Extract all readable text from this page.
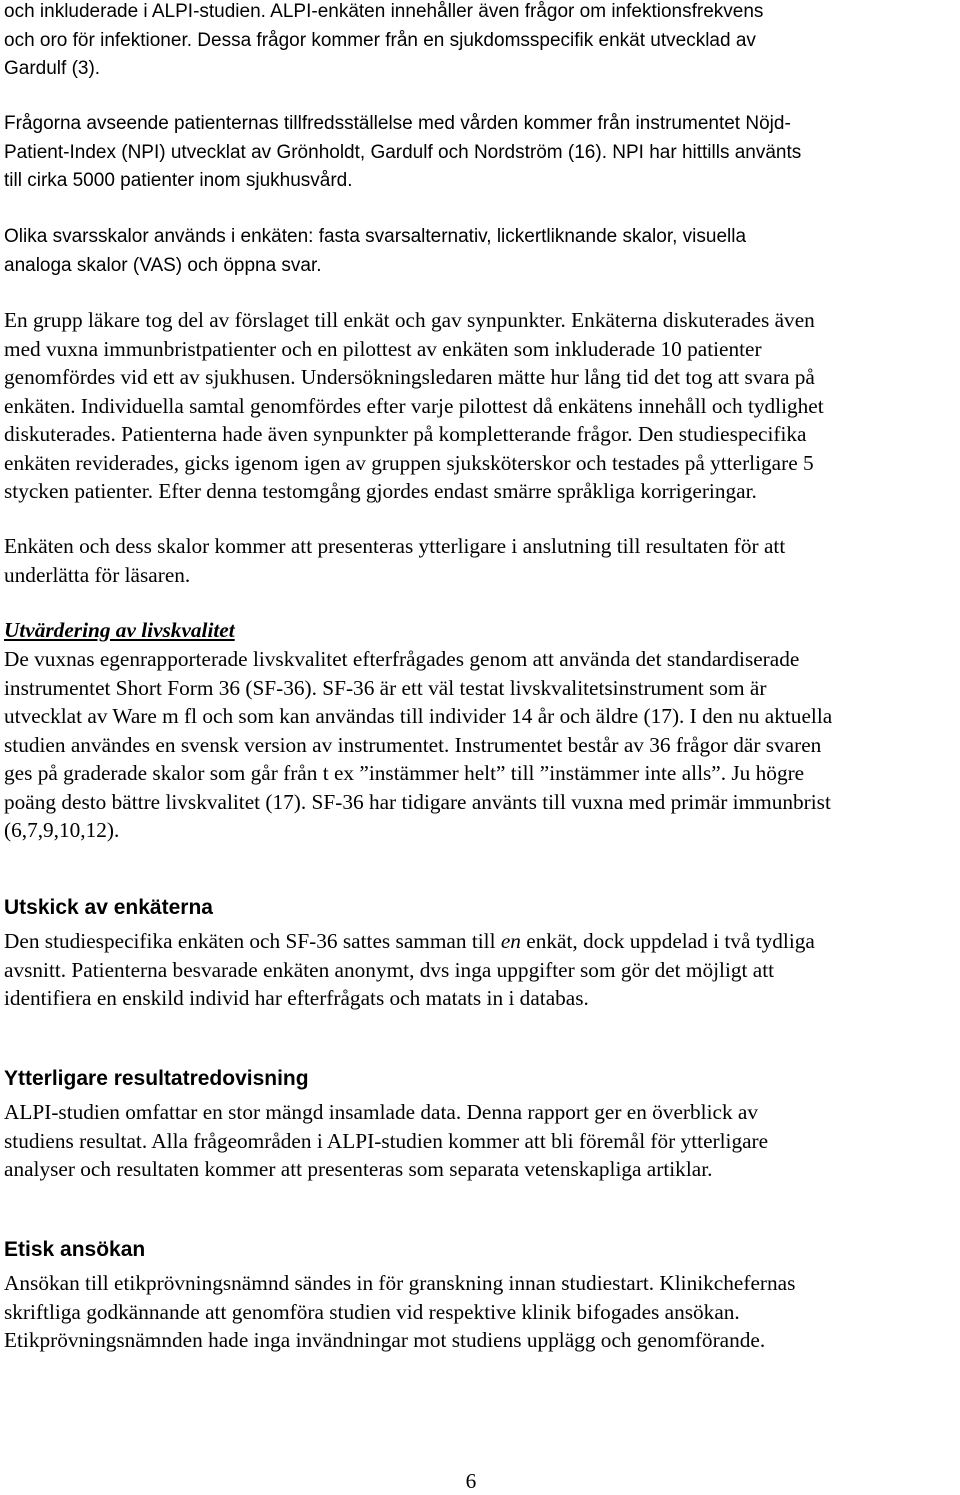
och inkluderade i ALPI-studien. ALPI-enkäten innehåller även frågor om infektionsfrekvens
och oro för infektioner. Dessa frågor kommer från en sjukdomsspecifik enkät utvecklad av
Gardulf (3).
Frågorna avseende patienternas tillfredsställelse med vården kommer från instrumentet Nöjd-
Patient-Index (NPI) utvecklat av Grönholdt, Gardulf och Nordström (16). NPI har hittills använts
till cirka 5000 patienter inom sjukhusvård.
Olika svarsskalor används i enkäten: fasta svarsalternativ, lickertliknande skalor, visuella
analoga skalor (VAS) och öppna svar.
En grupp läkare tog del av förslaget till enkät och gav synpunkter. Enkäterna diskuterades även
med vuxna immunbristpatienter och en pilottest av enkäten som inkluderade 10 patienter
genomfördes vid ett av sjukhusen. Undersökningsledaren mätte hur lång tid det tog att svara på
enkäten. Individuella samtal genomfördes efter varje pilottest då enkätens innehåll och tydlighet
diskuterades. Patienterna hade även synpunkter på kompletterande frågor. Den studiespecifika
enkäten reviderades, gicks igenom igen av gruppen sjuksköterskor och testades på ytterligare 5
stycken patienter. Efter denna testomgång gjordes endast smärre språkliga korrigeringar.
Enkäten och dess skalor kommer att presenteras ytterligare i anslutning till resultaten för att
underlätta för läsaren.
Utvärdering av livskvalitet
De vuxnas egenrapporterade livskvalitet efterfrågades genom att använda det standardiserade
instrumentet Short Form 36 (SF-36). SF-36 är ett väl testat livskvalitetsinstrument som är
utvecklat av Ware m fl och som kan användas till individer 14 år och äldre (17). I den nu aktuella
studien användes en svensk version av instrumentet. Instrumentet består av 36 frågor där svaren
ges på graderade skalor som går från t ex ”instämmer helt” till ”instämmer inte alls”. Ju högre
poäng desto bättre livskvalitet (17). SF-36 har tidigare använts till vuxna med primär immunbrist
(6,7,9,10,12).
Utskick av enkäterna
Den studiespecifika enkäten och SF-36 sattes samman till en enkät, dock uppdelad i två tydliga
avsnitt. Patienterna besvarade enkäten anonymt, dvs inga uppgifter som gör det möjligt att
identifiera en enskild individ har efterfrågats och matats in i databas.
Ytterligare resultatredovisning
ALPI-studien omfattar en stor mängd insamlade data. Denna rapport ger en överblick av
studiens resultat. Alla frågeområden i ALPI-studien kommer att bli föremål för ytterligare
analyser och resultaten kommer att presenteras som separata vetenskapliga artiklar.
Etisk ansökan
Ansökan till etikprövningsnämnd sändes in för granskning innan studiestart. Klinikchefernas
skriftliga godkännande att genomföra studien vid respektive klinik bifogades ansökan.
Etikprövningsnämnden hade inga invändningar mot studiens upplägg och genomförande.
6
